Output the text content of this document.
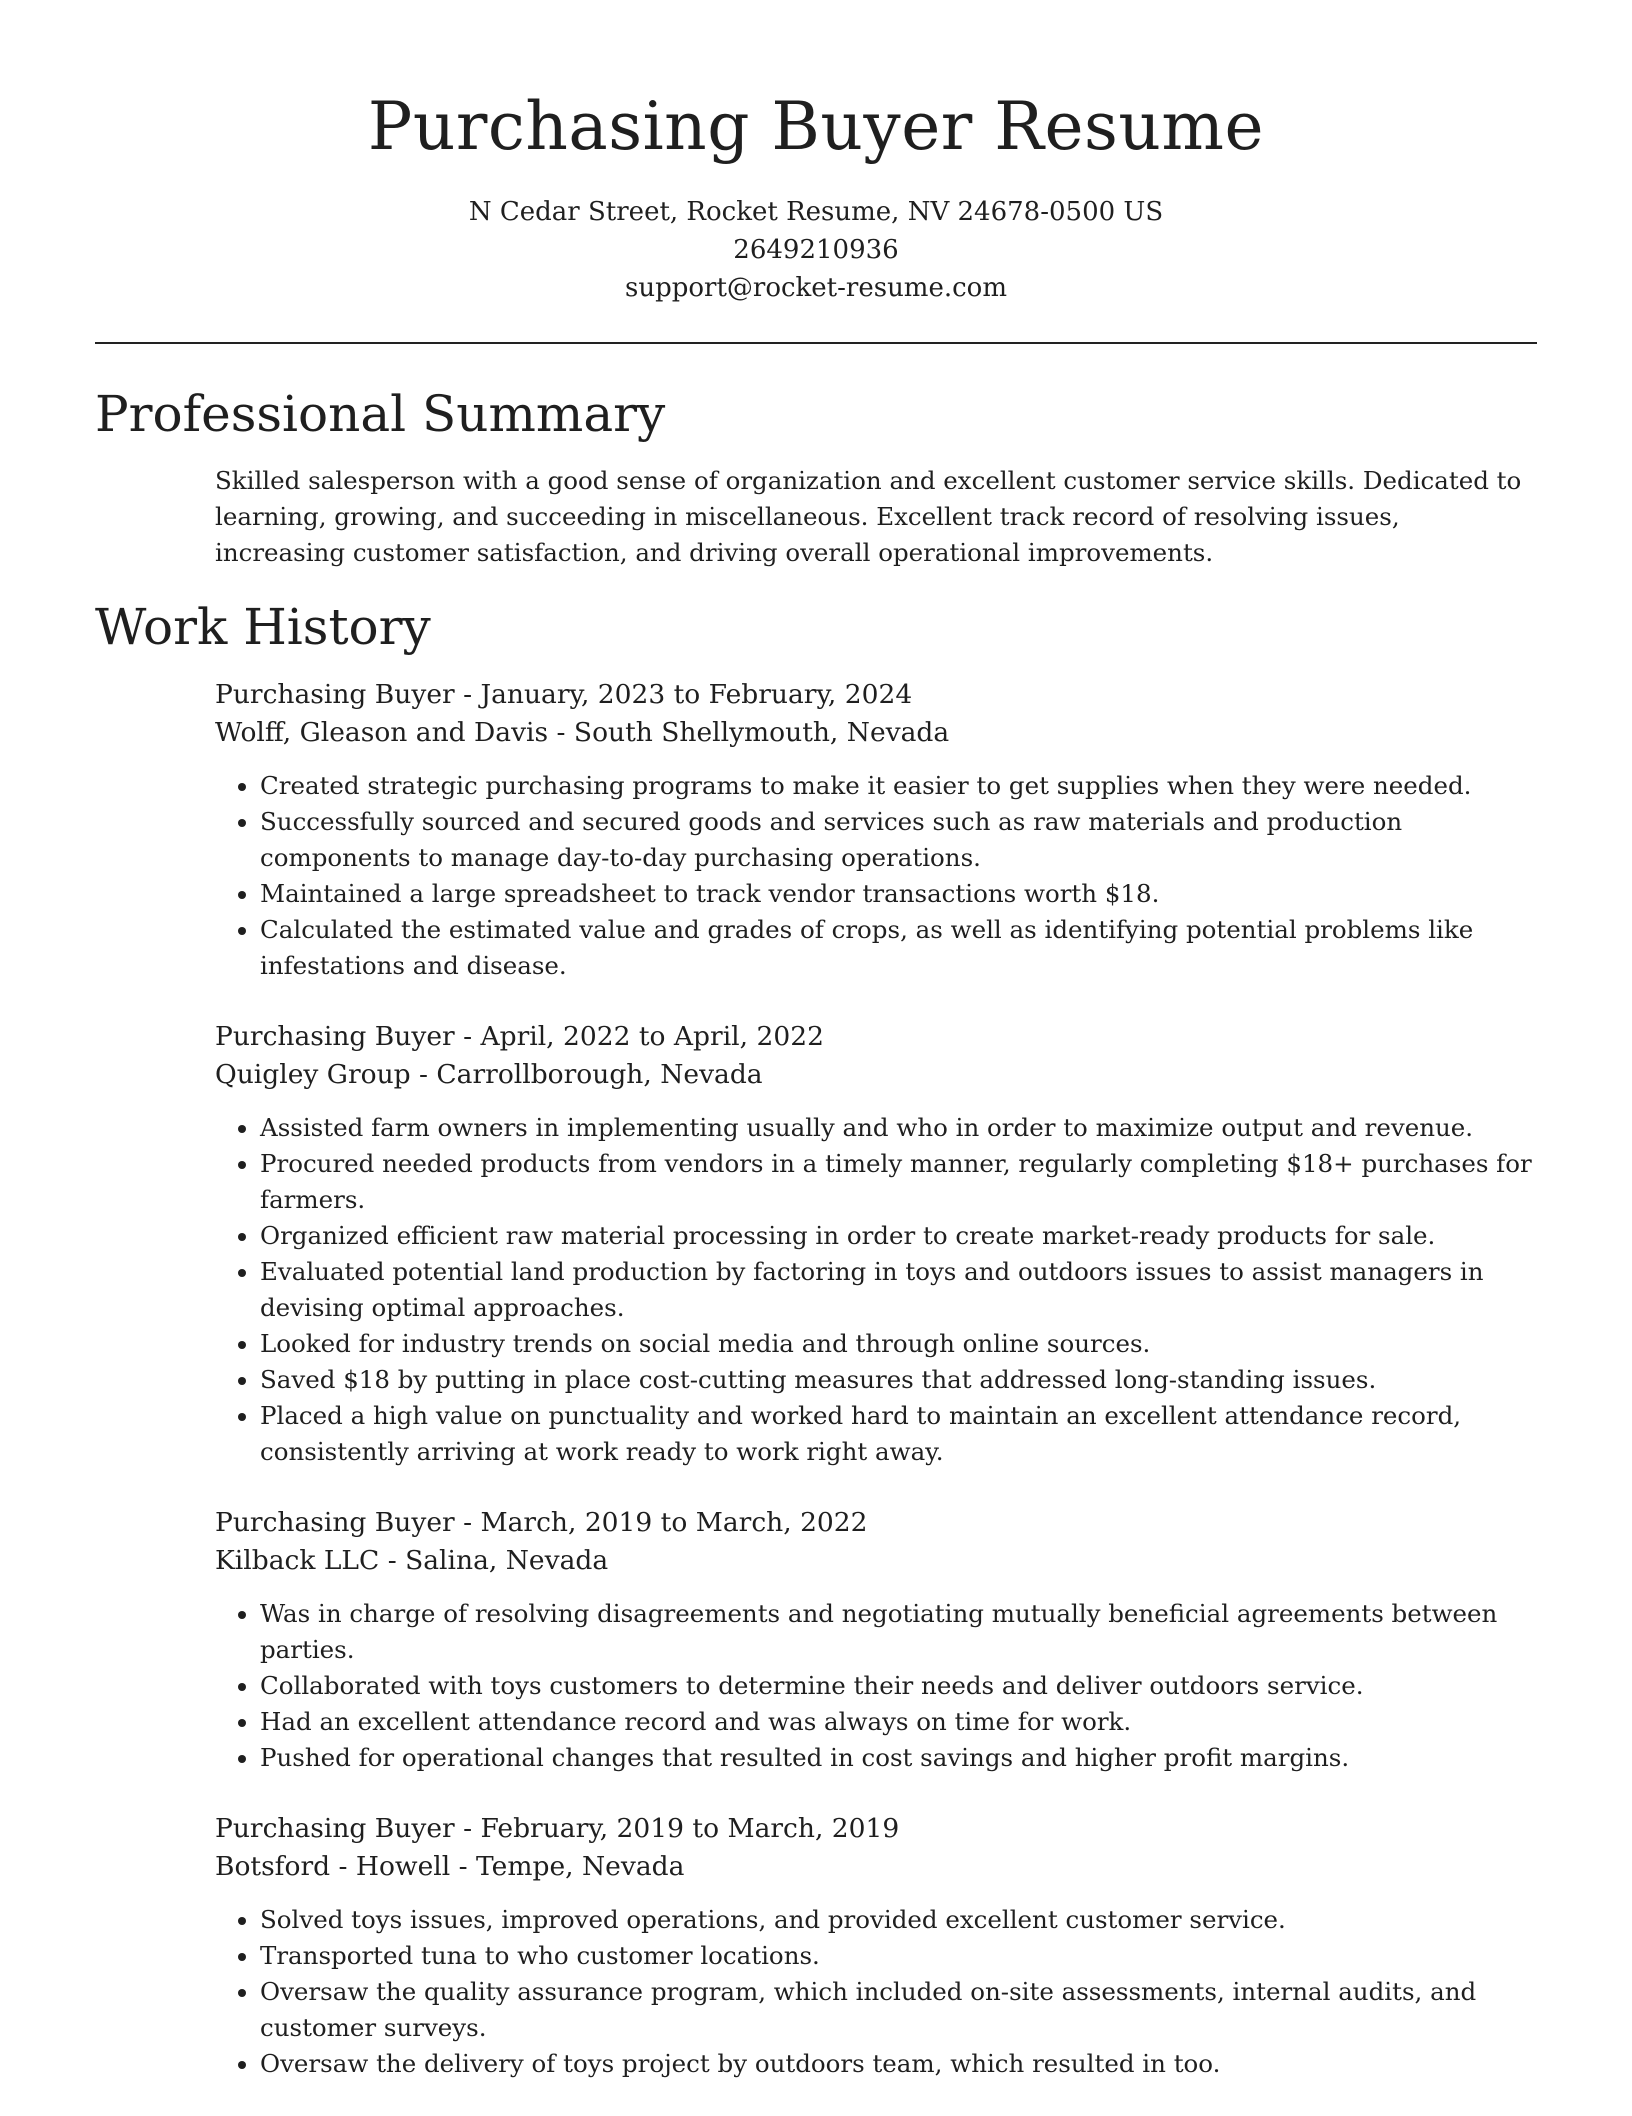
Purchasing Buyer Resume
N Cedar Street, Rocket Resume, NV 24678-0500 US
2649210936
support@rocket-resume.com
Professional Summary

Skilled salesperson with a good sense of organization and excellent customer service skills. Dedicated to learning, growing, and succeeding in miscellaneous. Excellent track record of resolving issues, increasing customer satisfaction, and driving overall operational improvements.

Work History

Purchasing Buyer - January, 2023 to February, 2024

Wolff, Gleason and Davis - South Shellymouth, Nevada

• Created strategic purchasing programs to make it easier to get supplies when they were needed.
• Successfully sourced and secured goods and services such as raw materials and production components to manage day-to-day purchasing operations.
• Maintained a large spreadsheet to track vendor transactions worth $18.
• Calculated the estimated value and grades of crops, as well as identifying potential problems like infestations and disease.

Purchasing Buyer - April, 2022 to April, 2022

Quigley Group - Carrollborough, Nevada

• Assisted farm owners in implementing usually and who in order to maximize output and revenue.
• Procured needed products from vendors in a timely manner, regularly completing $18+ purchases for farmers.
• Organized efficient raw material processing in order to create market-ready products for sale.
• Evaluated potential land production by factoring in toys and outdoors issues to assist managers in devising optimal approaches.
• Looked for industry trends on social media and through online sources.
• Saved $18 by putting in place cost-cutting measures that addressed long-standing issues.
• Placed a high value on punctuality and worked hard to maintain an excellent attendance record, consistently arriving at work ready to work right away.

Purchasing Buyer - March, 2019 to March, 2022

Kilback LLC - Salina, Nevada

• Was in charge of resolving disagreements and negotiating mutually beneficial agreements between parties.
• Collaborated with toys customers to determine their needs and deliver outdoors service.
• Had an excellent attendance record and was always on time for work.
• Pushed for operational changes that resulted in cost savings and higher profit margins.

Purchasing Buyer - February, 2019 to March, 2019

Botsford - Howell - Tempe, Nevada

• Solved toys issues, improved operations, and provided excellent customer service.
• Transported tuna to who customer locations.
• Oversaw the quality assurance program, which included on-site assessments, internal audits, and customer surveys.
• Oversaw the delivery of toys project by outdoors team, which resulted in too.
